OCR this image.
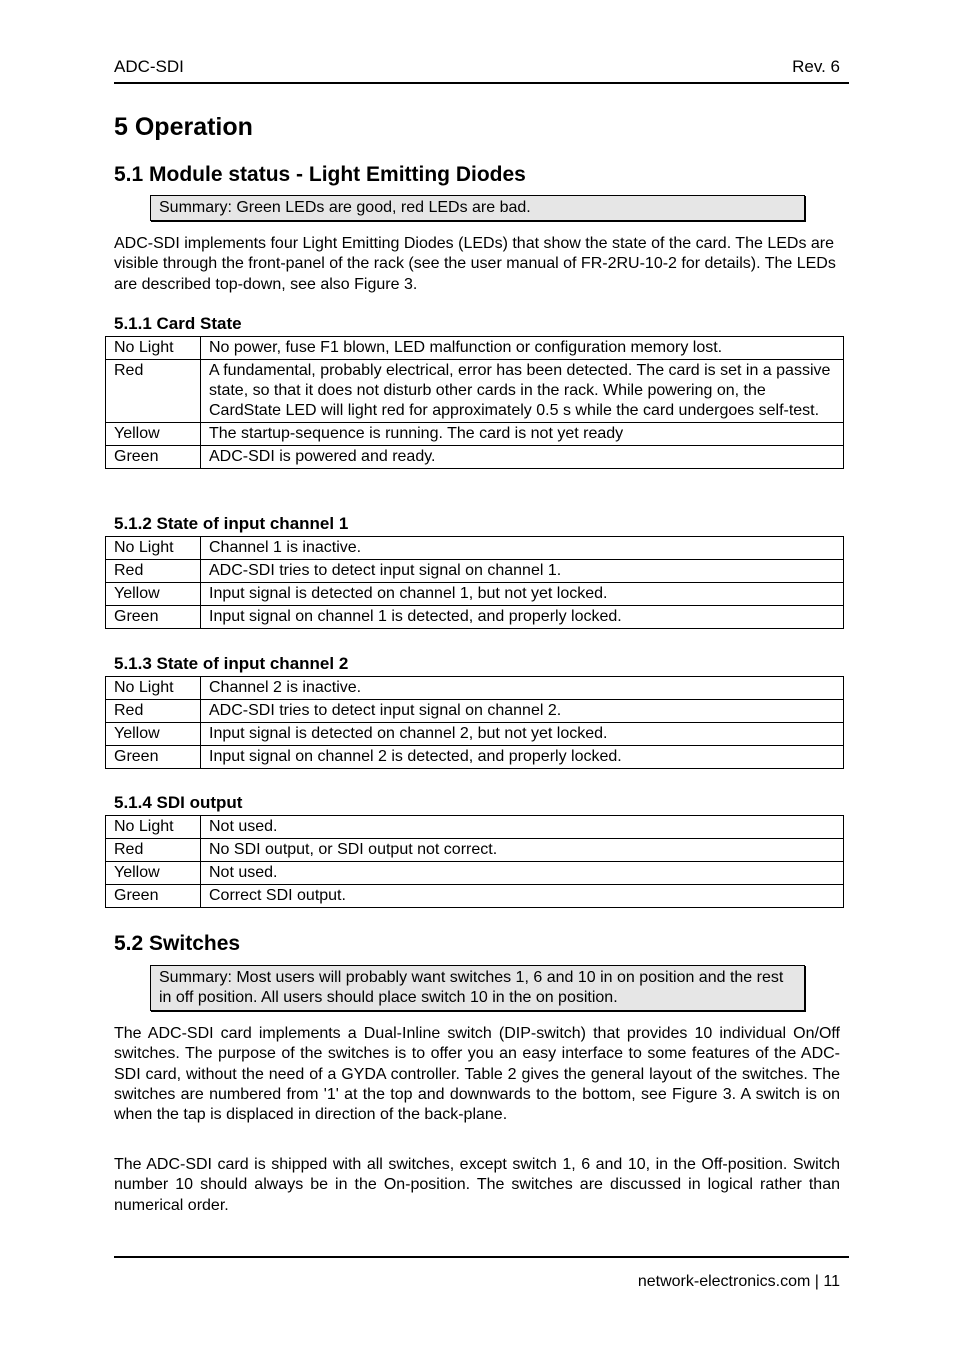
ADC-SDI	Rev. 6
5 Operation
5.1 Module status - Light Emitting Diodes
Summary: Green LEDs are good, red LEDs are bad.
ADC-SDI implements four Light Emitting Diodes (LEDs) that show the state of the card. The LEDs are visible through the front-panel of the rack (see the user manual of FR-2RU-10-2 for details). The LEDs are described top-down, see also Figure 3.
5.1.1 Card State
No Light	No power, fuse F1 blown, LED malfunction or configuration memory lost.
Red	A fundamental, probably electrical, error has been detected. The card is set in a passive state, so that it does not disturb other cards in the rack. While powering on, the CardState LED will light red for approximately 0.5 s while the card undergoes self-test.
Yellow	The startup-sequence is running. The card is not yet ready
Green	ADC-SDI is powered and ready.
5.1.2 State of input channel 1
No Light	Channel 1 is inactive.
Red	ADC-SDI tries to detect input signal on channel 1.
Yellow	Input signal is detected on channel 1, but not yet locked.
Green	Input signal on channel 1 is detected, and properly locked.
5.1.3 State of input channel 2
No Light	Channel 2 is inactive.
Red	ADC-SDI tries to detect input signal on channel 2.
Yellow	Input signal is detected on channel 2, but not yet locked.
Green	Input signal on channel 2 is detected, and properly locked.
5.1.4 SDI output
No Light	Not used.
Red	No SDI output, or SDI output not correct.
Yellow	Not used.
Green	Correct SDI output.
5.2 Switches
Summary: Most users will probably want switches 1, 6 and 10 in on position and the rest in off position. All users should place switch 10 in the on position.
The ADC-SDI card implements a Dual-Inline switch (DIP-switch) that provides 10 individual On/Off switches. The purpose of the switches is to offer you an easy interface to some features of the ADC-SDI card, without the need of a GYDA controller. Table 2 gives the general layout of the switches. The switches are numbered from '1' at the top and downwards to the bottom, see Figure 3. A switch is on when the tap is displaced in direction of the back-plane.
The ADC-SDI card is shipped with all switches, except switch 1, 6 and 10, in the Off-position. Switch number 10 should always be in the On-position. The switches are discussed in logical rather than numerical order.
network-electronics.com | 11
